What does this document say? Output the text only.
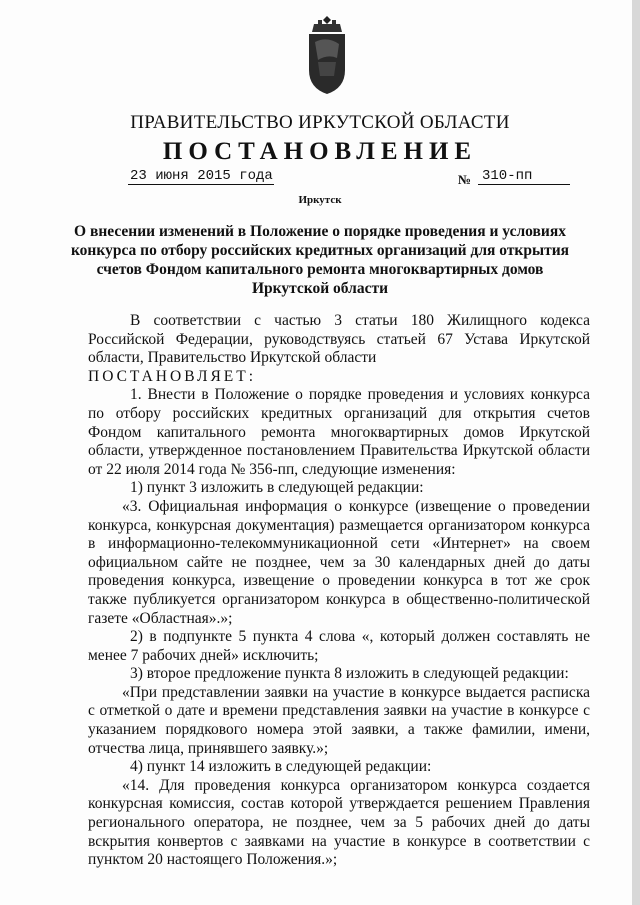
ПРАВИТЕЛЬСТВО ИРКУТСКОЙ ОБЛАСТИ
ПОСТАНОВЛЕНИЕ
23 июня 2015 года	№ 310-пп
Иркутск

О внесении изменений в Положение о порядке проведения и условиях конкурса по отбору российских кредитных организаций для открытия счетов Фондом капитального ремонта многоквартирных домов Иркутской области

В соответствии с частью 3 статьи 180 Жилищного кодекса Российской Федерации, руководствуясь статьей 67 Устава Иркутской области, Правительство Иркутской области

ПОСТАНОВЛЯЕТ:

1. Внести в Положение о порядке проведения и условиях конкурса по отбору российских кредитных организаций для открытия счетов Фондом капитального ремонта многоквартирных домов Иркутской области, утвержденное постановлением Правительства Иркутской области от 22 июля 2014 года № 356-пп, следующие изменения:

1) пункт 3 изложить в следующей редакции:

«3. Официальная информация о конкурсе (извещение о проведении конкурса, конкурсная документация) размещается организатором конкурса в информационно-телекоммуникационной сети «Интернет» на своем официальном сайте не позднее, чем за 30 календарных дней до даты проведения конкурса, извещение о проведении конкурса в тот же срок также публикуется организатором конкурса в общественно-политической газете «Областная».»;

2) в подпункте 5 пункта 4 слова «, который должен составлять не менее 7 рабочих дней» исключить;

3) второе предложение пункта 8 изложить в следующей редакции:

«При представлении заявки на участие в конкурсе выдается расписка с отметкой о дате и времени представления заявки на участие в конкурсе с указанием порядкового номера этой заявки, а также фамилии, имени, отчества лица, принявшего заявку.»;

4) пункт 14 изложить в следующей редакции:

«14. Для проведения конкурса организатором конкурса создается конкурсная комиссия, состав которой утверждается решением Правления регионального оператора, не позднее, чем за 5 рабочих дней до даты вскрытия конвертов с заявками на участие в конкурсе в соответствии с пунктом 20 настоящего Положения.»;
